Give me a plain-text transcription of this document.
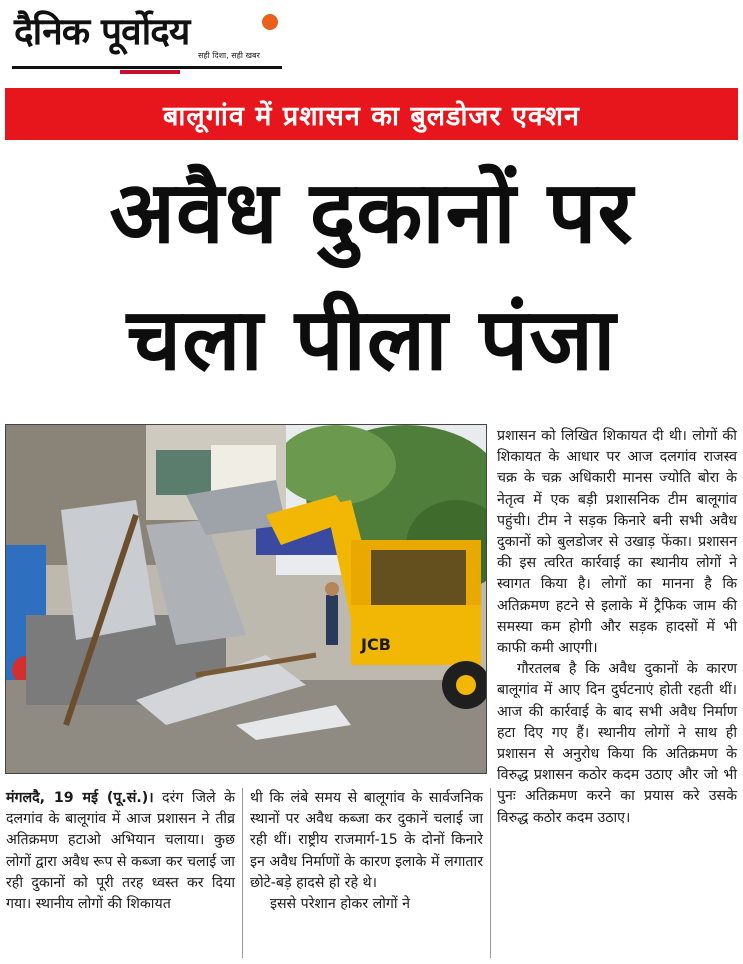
दैनिक पूर्वोदय
सही दिशा, सही खबर
बालूगांव में प्रशासन का बुलडोजर एक्शन
अवैध दुकानों पर
चला पीला पंजा
JCB

प्रशासन को लिखित शिकायत दी थी। लोगों की शिकायत के आधार पर आज दलगांव राजस्व चक्र के चक्र अधिकारी मानस ज्योति बोरा के नेतृत्व में एक बड़ी प्रशासनिक टीम बालूगांव पहुंची। टीम ने सड़क किनारे बनी सभी अवैध दुकानों को बुलडोजर से उखाड़ फेंका। प्रशासन की इस त्वरित कार्रवाई का स्थानीय लोगों ने स्वागत किया है। लोगों का मानना है कि अतिक्रमण हटने से इलाके में ट्रैफिक जाम की समस्या कम होगी और सड़क हादसों में भी काफी कमी आएगी।

गौरतलब है कि अवैध दुकानों के कारण बालूगांव में आए दिन दुर्घटनाएं होती रहती थीं। आज की कार्रवाई के बाद सभी अवैध निर्माण हटा दिए गए हैं। स्थानीय लोगों ने साथ ही प्रशासन से अनुरोध किया कि अतिक्रमण के विरुद्ध प्रशासन कठोर कदम उठाए और जो भी पुनः अतिक्रमण करने का प्रयास करे उसके विरुद्ध कठोर कदम उठाए।

मंगलदै, 19 मई (पू.सं.)। दरंग जिले के दलगांव के बालूगांव में आज प्रशासन ने तीव्र अतिक्रमण हटाओ अभियान चलाया। कुछ लोगों द्वारा अवैध रूप से कब्जा कर चलाई जा रही दुकानों को पूरी तरह ध्वस्त कर दिया गया। स्थानीय लोगों की शिकायत

थी कि लंबे समय से बालूगांव के सार्वजनिक स्थानों पर अवैध कब्जा कर दुकानें चलाई जा रही थीं। राष्ट्रीय राजमार्ग-15 के दोनों किनारे इन अवैध निर्माणों के कारण इलाके में लगातार छोटे-बड़े हादसे हो रहे थे।

इससे परेशान होकर लोगों ने
